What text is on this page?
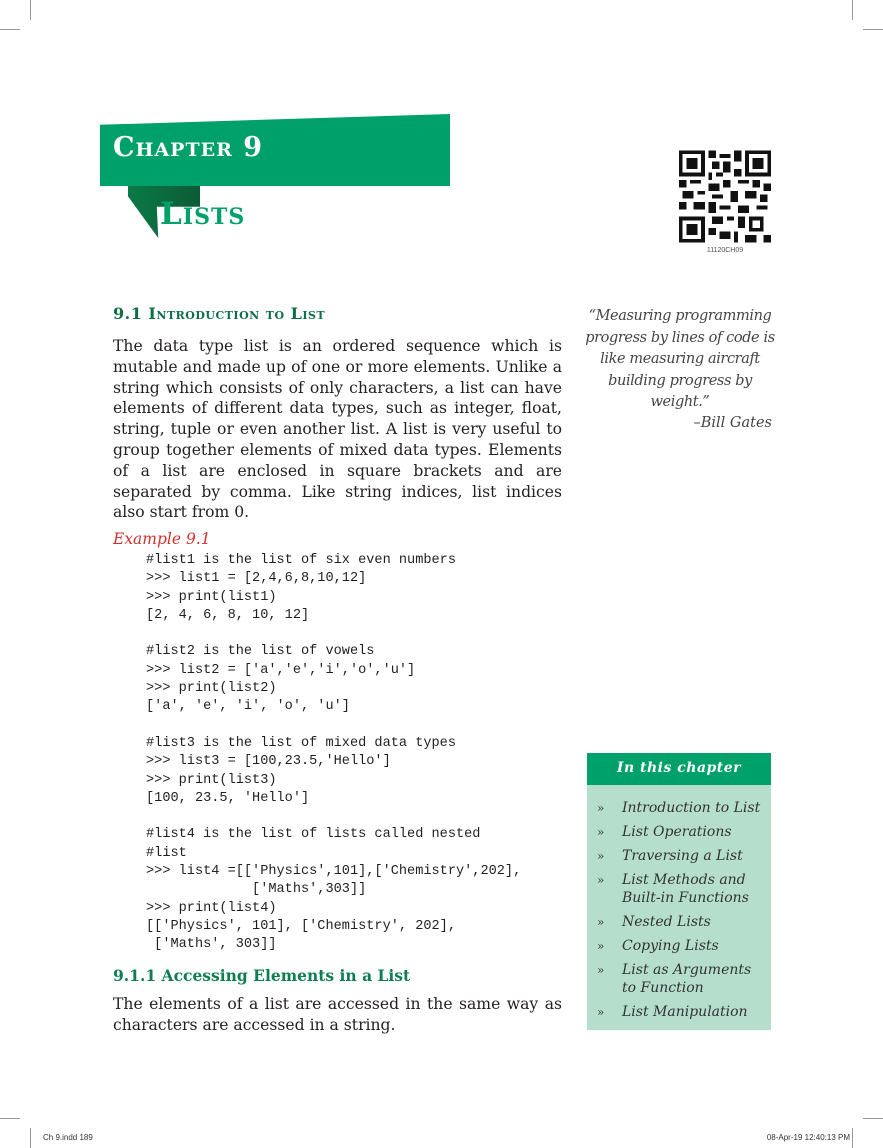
Chapter 9
Lists
11120CH09
9.1 Introduction to List

The data type list is an ordered sequence which is mutable and made up of one or more elements. Unlike a string which consists of only characters, a list can have elements of different data types, such as integer, float, string, tuple or even another list. A list is very useful to group together elements of mixed data types. Elements of a list are enclosed in square brackets and are separated by comma. Like string indices, list indices also start from 0.

Example 9.1
#list1 is the list of six even numbers
>>> list1 = [2,4,6,8,10,12]
>>> print(list1)
[2, 4, 6, 8, 10, 12]

#list2 is the list of vowels
>>> list2 = ['a','e','i','o','u']
>>> print(list2)
['a', 'e', 'i', 'o', 'u']

#list3 is the list of mixed data types
>>> list3 = [100,23.5,'Hello']
>>> print(list3)
[100, 23.5, 'Hello']

#list4 is the list of lists called nested
#list
>>> list4 =[['Physics',101],['Chemistry',202],
['Maths',303]]
>>> print(list4)
[['Physics', 101], ['Chemistry', 202],
['Maths', 303]]
9.1.1 Accessing Elements in a List

The elements of a list are accessed in the same way as characters are accessed in a string.

“Measuring programming progress by lines of code is like measuring aircraft building progress by weight.”
–Bill Gates
In this chapter
»	Introduction to List
»	List Operations
»	Traversing a List
»	List Methods and Built-in Functions
»	Nested Lists
»	Copying Lists
»	List as Arguments to Function
»	List Manipulation
Ch 9.indd 189	08-Apr-19 12:40:13 PM
